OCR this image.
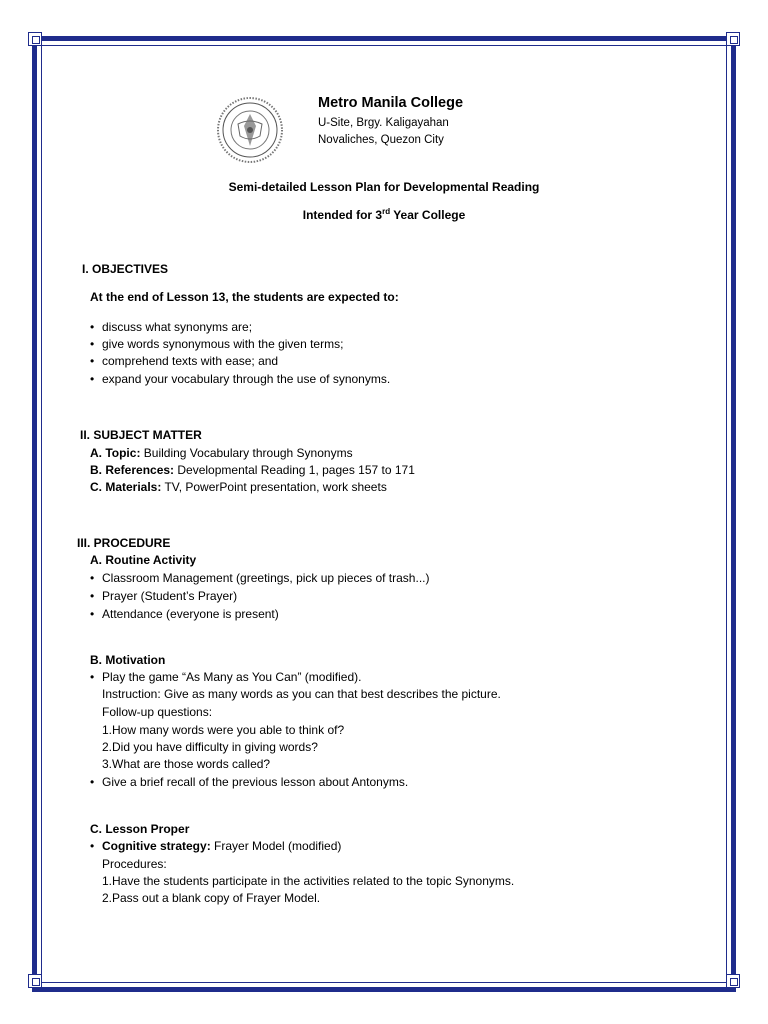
Metro Manila College

U-Site, Brgy. Kaligayahan

Novaliches, Quezon City

Semi-detailed Lesson Plan for Developmental Reading
Intended for 3rd Year College
I. OBJECTIVES
At the end of Lesson 13, the students are expected to:
• discuss what synonyms are;
• give words synonymous with the given terms;
• comprehend texts with ease; and
• expand your vocabulary through the use of synonyms.
II. SUBJECT MATTER
A. Topic: Building Vocabulary through Synonyms
B. References: Developmental Reading 1, pages 157 to 171
C. Materials: TV, PowerPoint presentation, work sheets
III. PROCEDURE
A. Routine Activity
• Classroom Management (greetings, pick up pieces of trash...)
• Prayer (Student’s Prayer)
• Attendance (everyone is present)
B. Motivation
• Play the game “As Many as You Can” (modified).
Instruction: Give as many words as you can that best describes the picture.
Follow-up questions:
1.How many words were you able to think of?
2.Did you have difficulty in giving words?
3.What are those words called?
• Give a brief recall of the previous lesson about Antonyms.
C. Lesson Proper
• Cognitive strategy: Frayer Model (modified)
Procedures:
1.Have the students participate in the activities related to the topic Synonyms.
2.Pass out a blank copy of Frayer Model.
